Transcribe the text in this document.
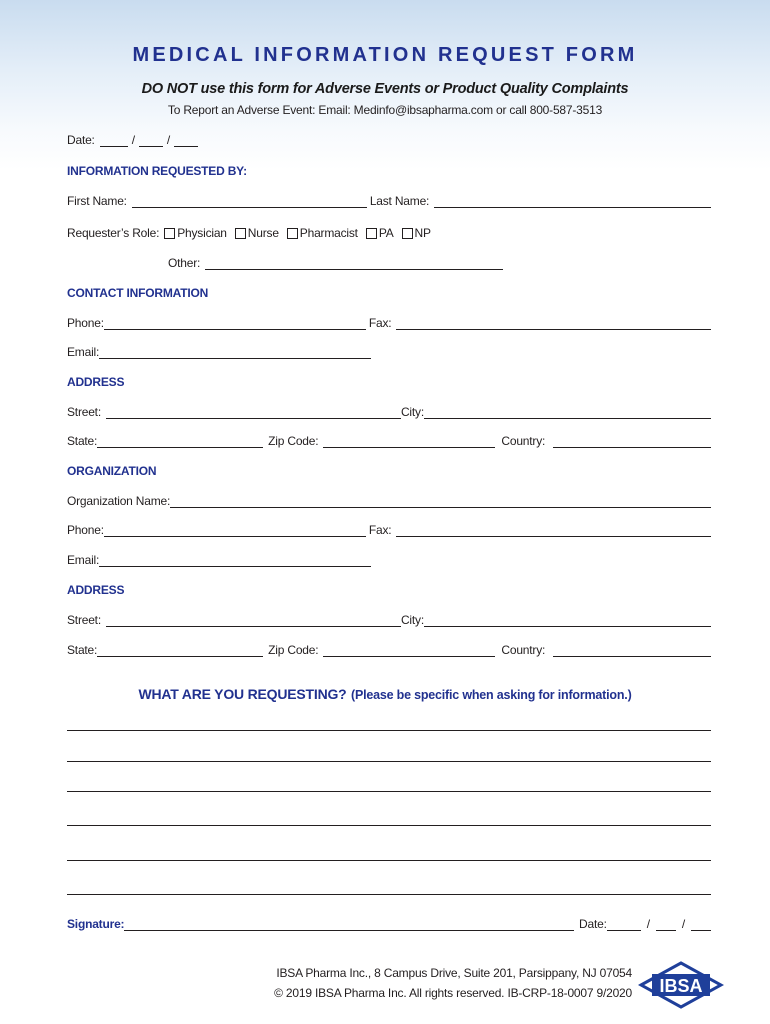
MEDICAL INFORMATION REQUEST FORM
DO NOT use this form for Adverse Events or Product Quality Complaints
To Report an Adverse Event: Email: Medinfo@ibsapharma.com or call 800-587-3513
Date:	/	/
INFORMATION REQUESTED BY:
First Name:	Last Name:
Requester’s Role: Physician Nurse Pharmacist PA NP
Other:
CONTACT INFORMATION
Phone:	Fax:
Email:
ADDRESS
Street:	City:
State:	Zip Code:	Country:
ORGANIZATION
Organization Name:
Phone:	Fax:
Email:
ADDRESS
Street:	City:
State:	Zip Code:	Country:
WHAT ARE YOU REQUESTING? (Please be specific when asking for information.)
Signature:	Date:	/	/
IBSA Pharma Inc., 8 Campus Drive, Suite 201, Parsippany, NJ 07054
© 2019 IBSA Pharma Inc. All rights reserved. IB-CRP-18-0007 9/2020 IBSA
